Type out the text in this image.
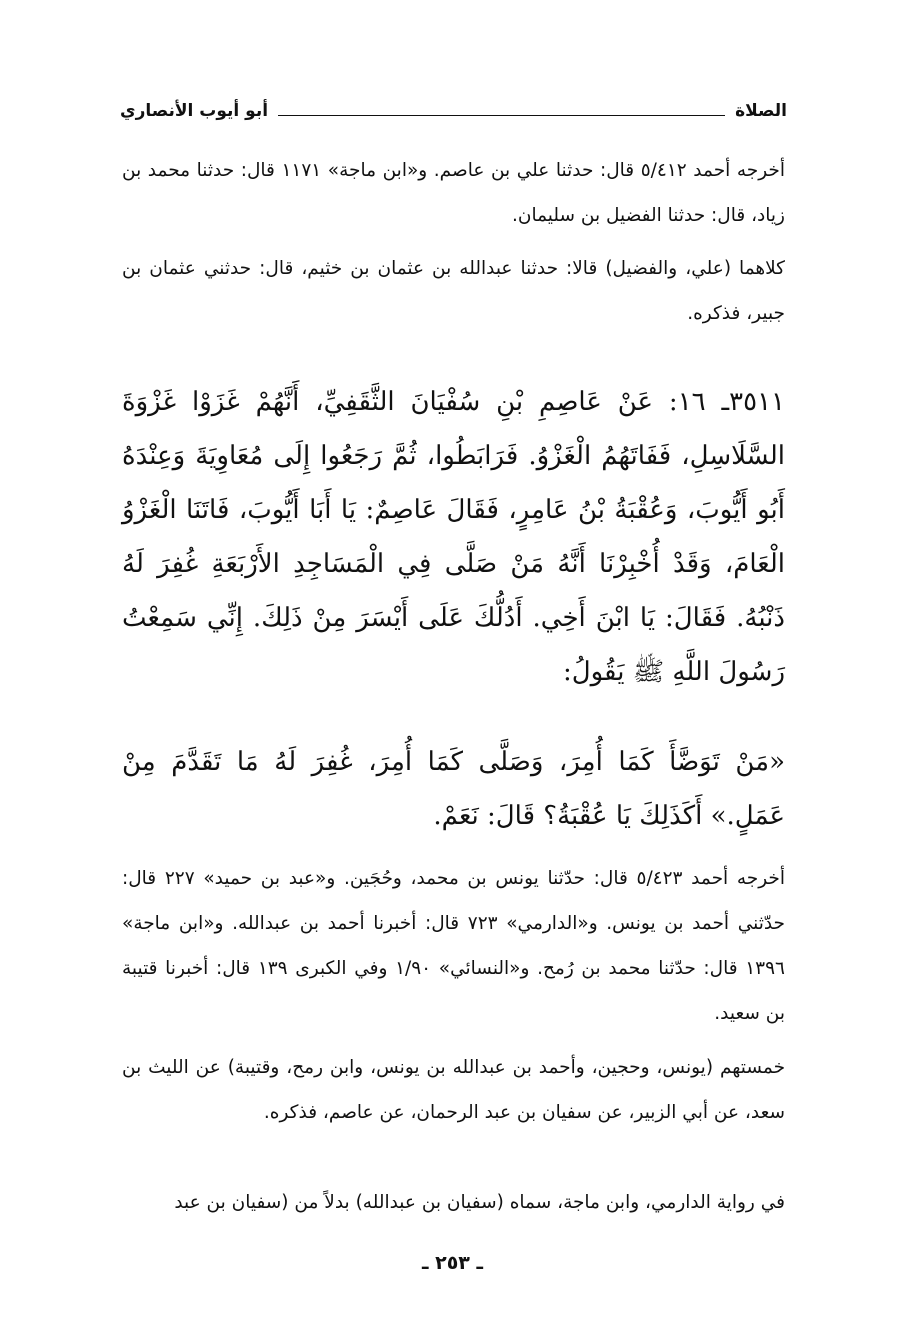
الصلاة
أبو أيوب الأنصاري
أخرجه أحمد ٥/٤١٢ قال: حدثنا علي بن عاصم. و«ابن ماجة» ١١٧١ قال: حدثنا محمد بن زياد، قال: حدثنا الفضيل بن سليمان.
كلاهما (علي، والفضيل) قالا: حدثنا عبدالله بن عثمان بن خثيم، قال: حدثني عثمان بن جبير، فذكره.
٣٥١١ـ ١٦: عَنْ عَاصِمِ بْنِ سُفْيَانَ الثَّقَفِيِّ، أَنَّهُمْ غَزَوْا غَزْوَةَ السَّلَاسِلِ، فَفَاتَهُمُ الْغَزْوُ. فَرَابَطُوا، ثُمَّ رَجَعُوا إِلَى مُعَاوِيَةَ وَعِنْدَهُ أَبُو أَيُّوبَ، وَعُقْبَةُ بْنُ عَامِرٍ، فَقَالَ عَاصِمٌ: يَا أَبَا أَيُّوبَ، فَاتَنَا الْغَزْوُ الْعَامَ، وَقَدْ أُخْبِرْنَا أَنَّهُ مَنْ صَلَّى فِي الْمَسَاجِدِ الأَرْبَعَةِ غُفِرَ لَهُ ذَنْبُهُ. فَقَالَ: يَا ابْنَ أَخِي. أَدُلُّكَ عَلَى أَيْسَرَ مِنْ ذَلِكَ. إِنِّي سَمِعْتُ رَسُولَ اللَّهِ ﷺ يَقُولُ:
«مَنْ تَوَضَّأَ كَمَا أُمِرَ، وَصَلَّى كَمَا أُمِرَ، غُفِرَ لَهُ مَا تَقَدَّمَ مِنْ عَمَلٍ.» أَكَذَلِكَ يَا عُقْبَةُ؟ قَالَ: نَعَمْ.
أخرجه أحمد ٥/٤٢٣ قال: حدّثنا يونس بن محمد، وحُجَين. و«عبد بن حميد» ٢٢٧ قال: حدّثني أحمد بن يونس. و«الدارمي» ٧٢٣ قال: أخبرنا أحمد بن عبدالله. و«ابن ماجة» ١٣٩٦ قال: حدّثنا محمد بن رُمح. و«النسائي» ١/٩٠ وفي الكبرى ١٣٩ قال: أخبرنا قتيبة بن سعيد.
خمستهم (يونس، وحجين، وأحمد بن عبدالله بن يونس، وابن رمح، وقتيبة) عن الليث بن سعد، عن أبي الزبير، عن سفيان بن عبد الرحمان، عن عاصم، فذكره.
في رواية الدارمي، وابن ماجة، سماه (سفيان بن عبدالله) بدلاً من (سفيان بن عبد
ـ ٢٥٣ ـ
